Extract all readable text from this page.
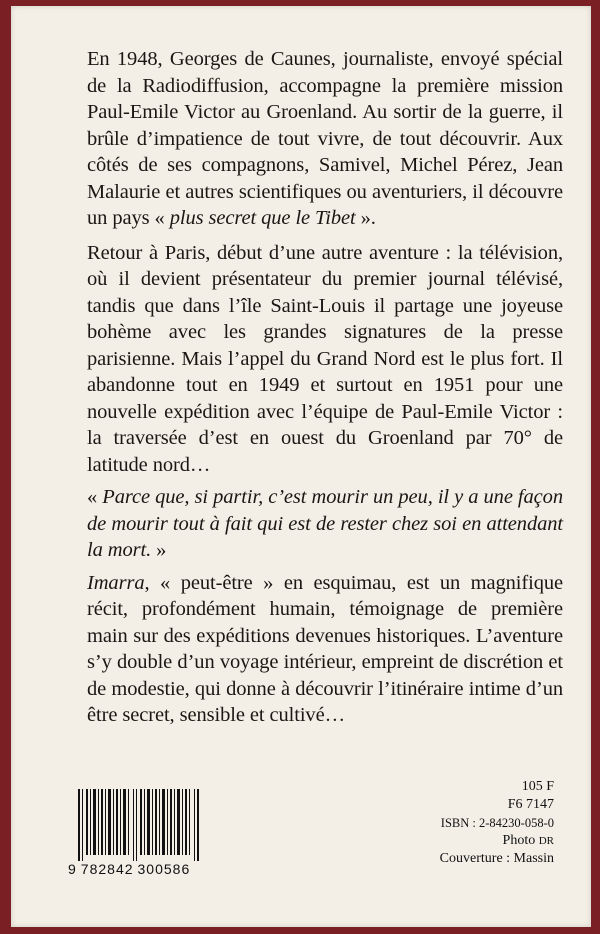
En 1948, Georges de Caunes, journaliste, envoyé spécial de la Radiodiffusion, accompagne la première mission Paul-Emile Victor au Groenland. Au sortir de la guerre, il brûle d’impatience de tout vivre, de tout découvrir. Aux côtés de ses compagnons, Samivel, Michel Pérez, Jean Malaurie et autres scientifiques ou aventuriers, il découvre un pays « plus secret que le Tibet ».

Retour à Paris, début d’une autre aventure : la télévision, où il devient présentateur du premier journal télévisé, tandis que dans l’île Saint-Louis il partage une joyeuse bohème avec les grandes signatures de la presse parisienne. Mais l’appel du Grand Nord est le plus fort. Il abandonne tout en 1949 et surtout en 1951 pour une nouvelle expédition avec l’équipe de Paul-Emile Victor : la traversée d’est en ouest du Groenland par 70° de latitude nord…

« Parce que, si partir, c’est mourir un peu, il y a une façon de mourir tout à fait qui est de rester chez soi en attendant la mort. »

Imarra, « peut-être » en esquimau, est un magnifique récit, profondément humain, témoignage de première main sur des expéditions devenues historiques. L’aventure s’y double d’un voyage intérieur, empreint de discrétion et de modestie, qui donne à découvrir l’itinéraire intime d’un être secret, sensible et cultivé…

9 782842 300586
105 F
F6 7147
ISBN : 2-84230-058-0
Photo DR
Couverture : Massin
